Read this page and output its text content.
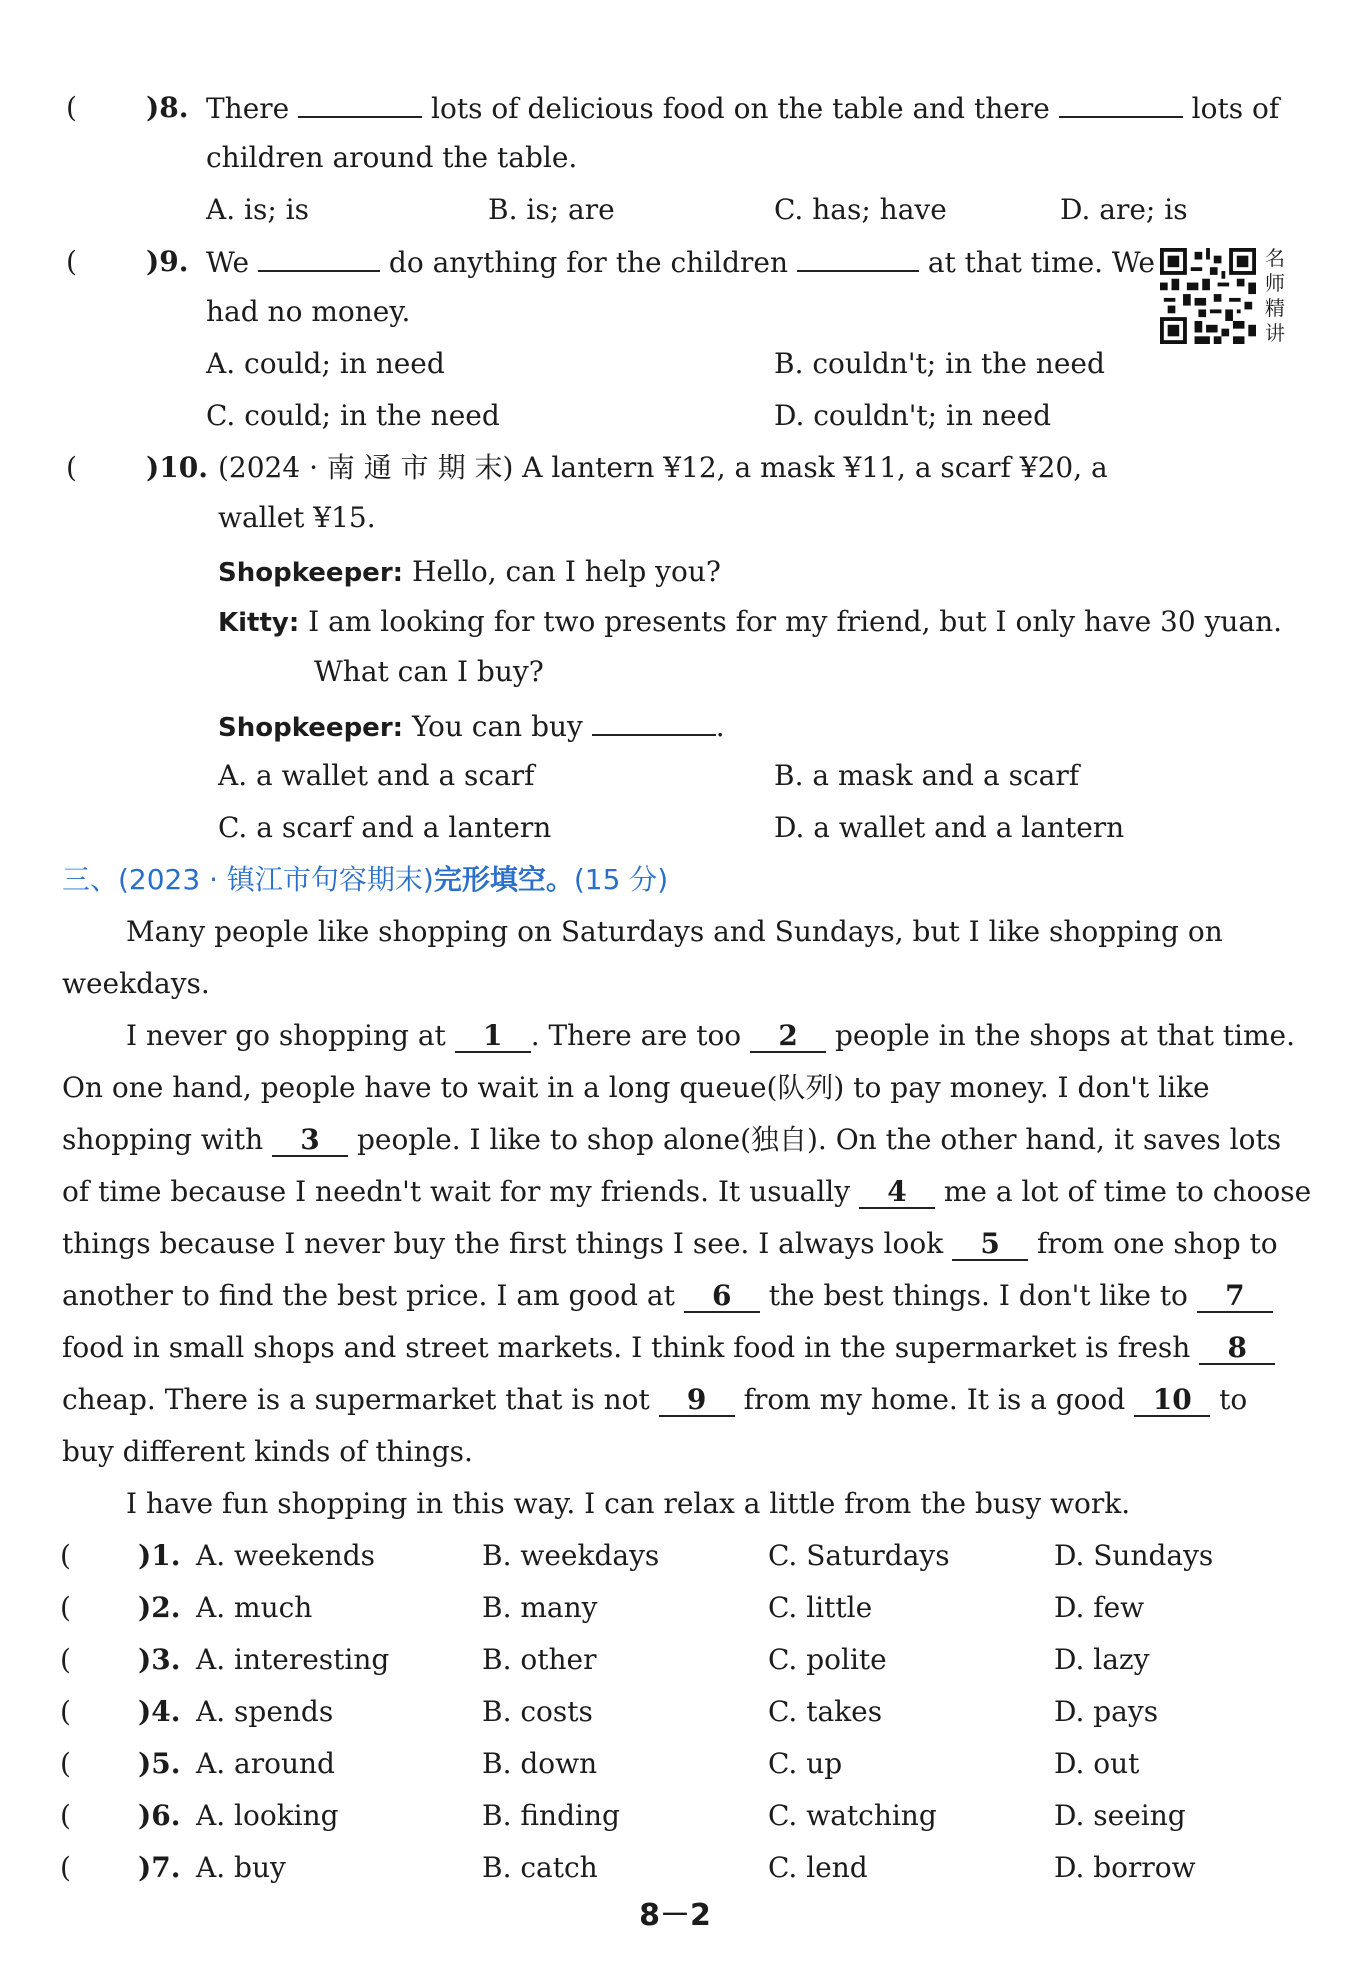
( )8. There	lots of delicious food on the table and there	lots of
children around the table.
A. is; is	B. is; are	C. has; have	D. are; is
( )9. We	do anything for the children	at that time. We
had no money.
名
师
精
讲
A. could; in need	B. couldn't; in the need
C. could; in the need	D. couldn't; in need
( )10. (2024 · 南 通 市 期 末) A lantern ¥12, a mask ¥11, a scarf ¥20, a
wallet ¥15.
Shopkeeper: Hello, can I help you?
Kitty: I am looking for two presents for my friend, but I only have 30 yuan.
What can I buy?
Shopkeeper: You can buy	.
A. a wallet and a scarf	B. a mask and a scarf
C. a scarf and a lantern	D. a wallet and a lantern
三、(2023 · 镇江市句容期末)完形填空。(15 分)
Many people like shopping on Saturdays and Sundays, but I like shopping on
weekdays.
I never go shopping at 1 . There are too 2 people in the shops at that time.
On one hand, people have to wait in a long queue(队列) to pay money. I don't like
shopping with 3 people. I like to shop alone(独自). On the other hand, it saves lots
of time because I needn't wait for my friends. It usually 4 me a lot of time to choose
things because I never buy the first things I see. I always look 5 from one shop to
another to find the best price. I am good at 6 the best things. I don't like to 7
food in small shops and street markets. I think food in the supermarket is fresh 8
cheap. There is a supermarket that is not 9 from my home. It is a good 10 to
buy different kinds of things.
I have fun shopping in this way. I can relax a little from the busy work.
( )1. A. weekends	B. weekdays	C. Saturdays	D. Sundays
( )2. A. much	B. many	C. little	D. few
( )3. A. interesting	B. other	C. polite	D. lazy
( )4. A. spends	B. costs	C. takes	D. pays
( )5. A. around	B. down	C. up	D. out
( )6. A. looking	B. finding	C. watching	D. seeing
( )7. A. buy	B. catch	C. lend	D. borrow
8－2
